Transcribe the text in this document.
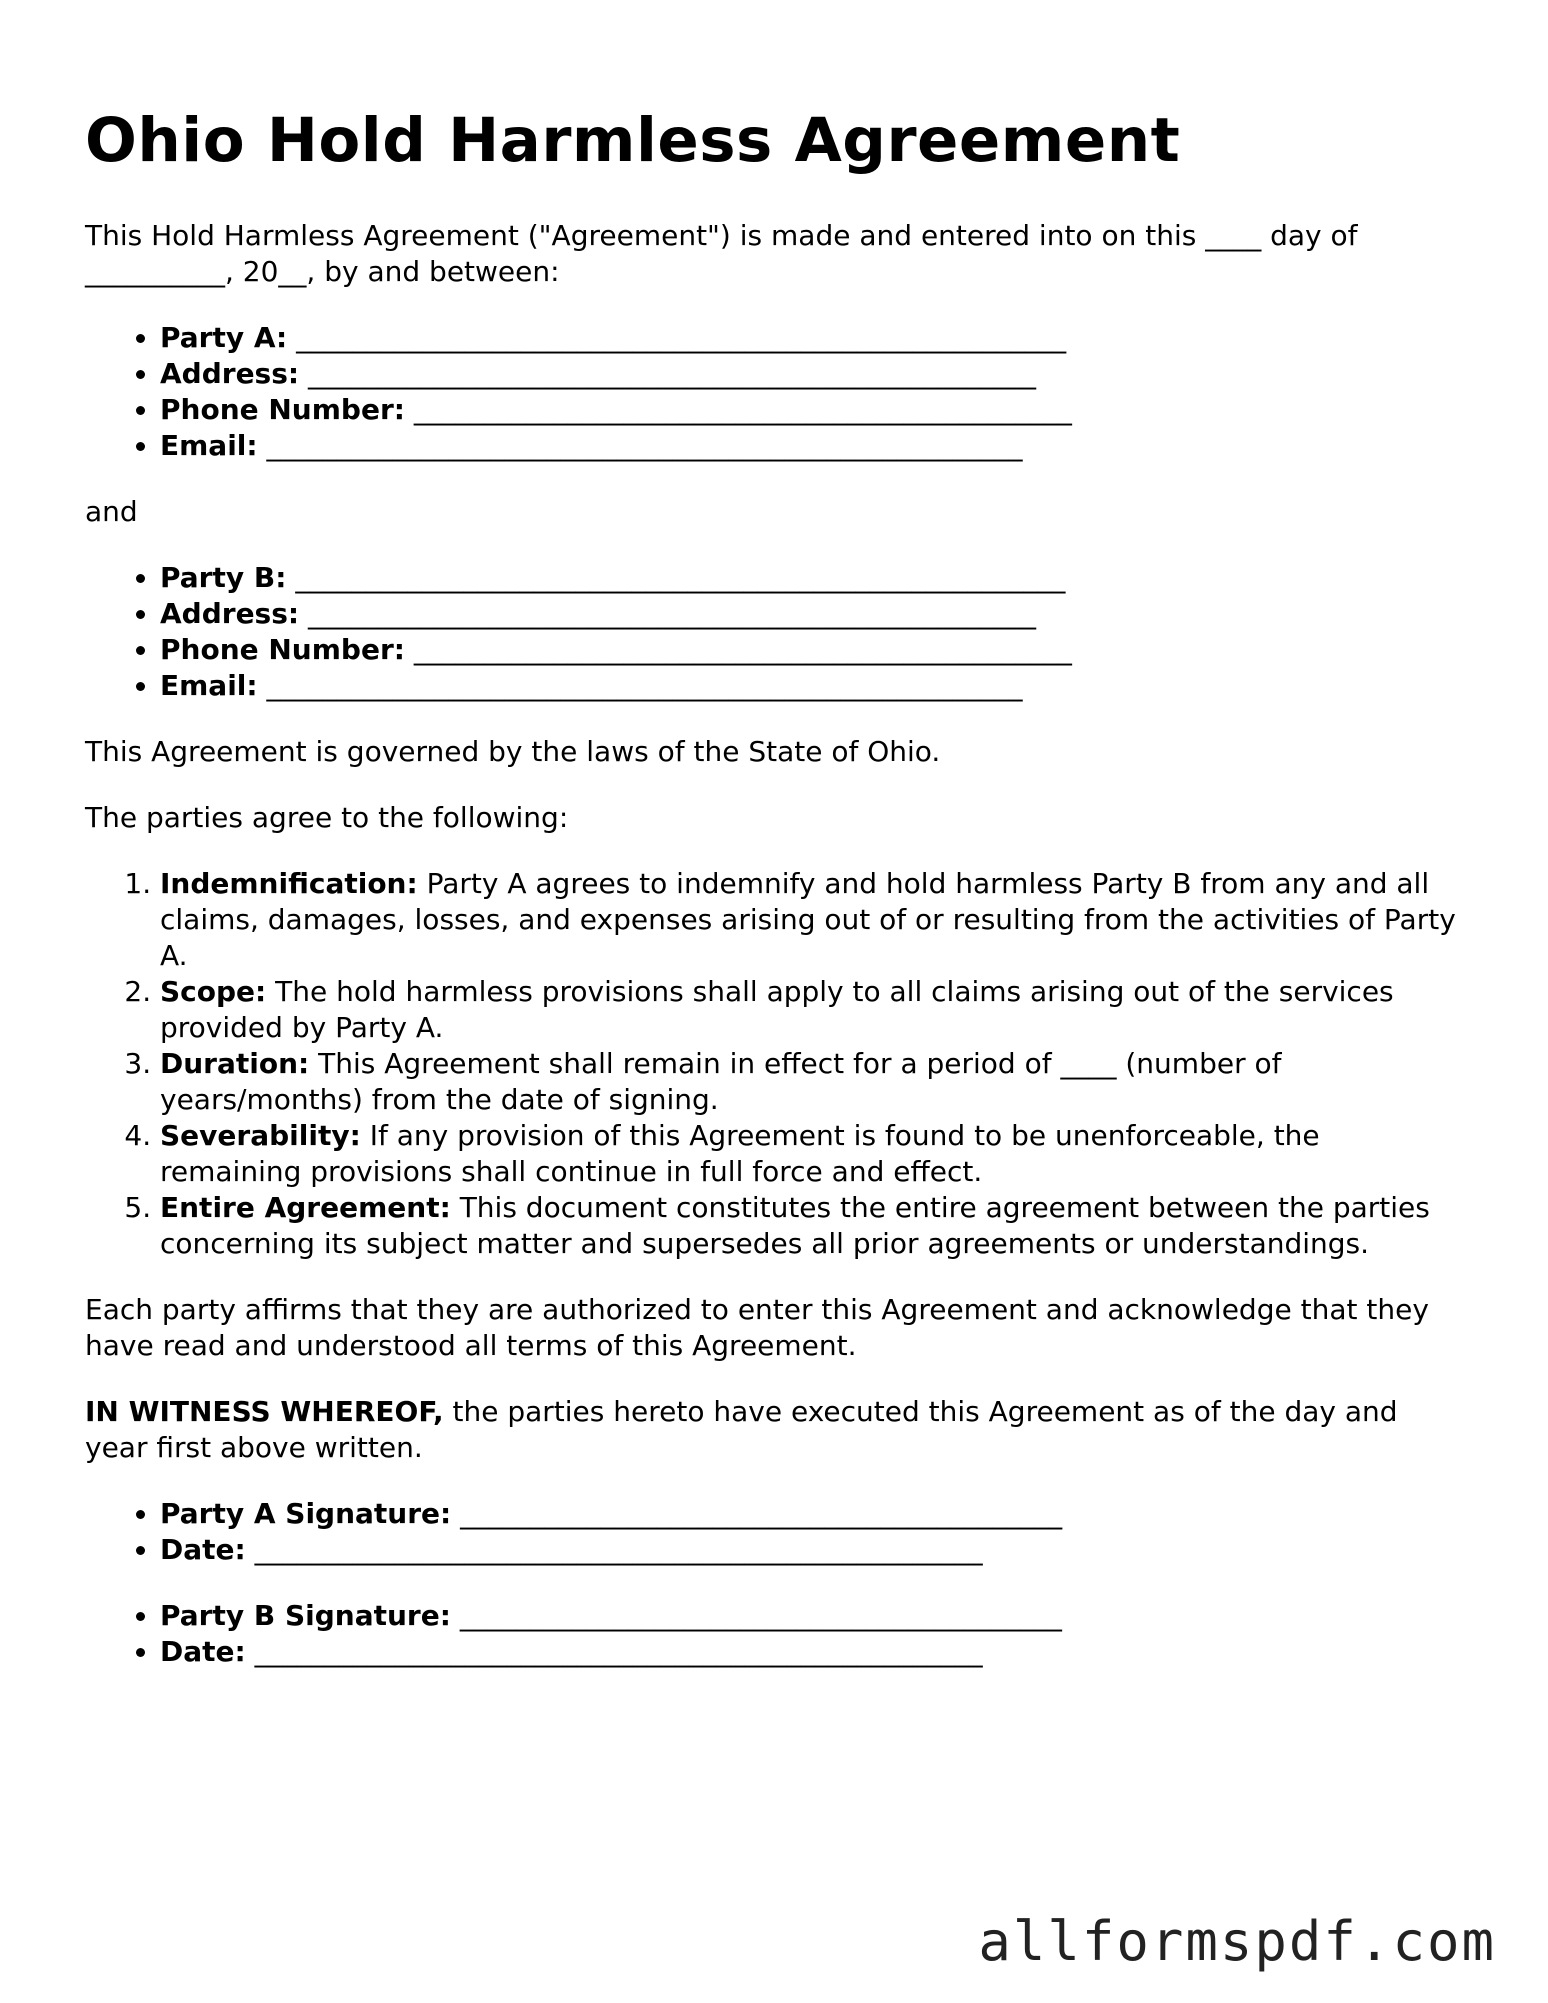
Ohio Hold Harmless Agreement

This Hold Harmless Agreement ("Agreement") is made and entered into on this ____ day of __________, 20__, by and between:

• Party A: _______________________________________________________
• Address: ____________________________________________________
• Phone Number: _______________________________________________
• Email: ______________________________________________________

and

• Party B: _______________________________________________________
• Address: ____________________________________________________
• Phone Number: _______________________________________________
• Email: ______________________________________________________

This Agreement is governed by the laws of the State of Ohio.

The parties agree to the following:

1. Indemnification: Party A agrees to indemnify and hold harmless Party B from any and all claims, damages, losses, and expenses arising out of or resulting from the activities of Party A.
2. Scope: The hold harmless provisions shall apply to all claims arising out of the services provided by Party A.
3. Duration: This Agreement shall remain in effect for a period of ____ (number of years/months) from the date of signing.
4. Severability: If any provision of this Agreement is found to be unenforceable, the remaining provisions shall continue in full force and effect.
5. Entire Agreement: This document constitutes the entire agreement between the parties concerning its subject matter and supersedes all prior agreements or understandings.

Each party affirms that they are authorized to enter this Agreement and acknowledge that they have read and understood all terms of this Agreement.

IN WITNESS WHEREOF, the parties hereto have executed this Agreement as of the day and year first above written.

• Party A Signature: ___________________________________________
• Date: ____________________________________________________
• Party B Signature: ___________________________________________
• Date: ____________________________________________________
allformspdf.com
